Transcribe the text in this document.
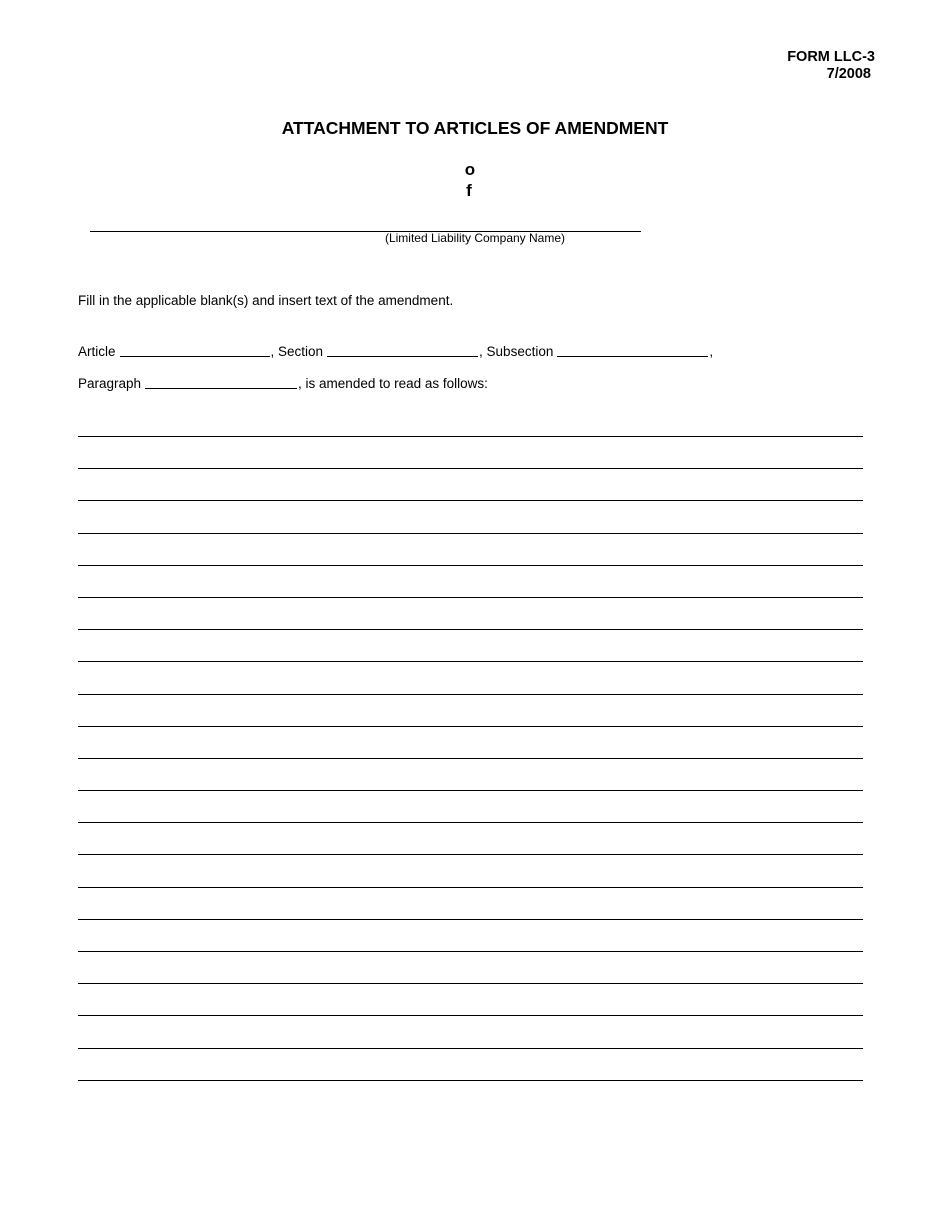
FORM LLC-3
7/2008
ATTACHMENT TO ARTICLES OF AMENDMENT
o
f
(Limited Liability Company Name)
Fill in the applicable blank(s) and insert text of the amendment.
Article	, Section	, Subsection	,
Paragraph	, is amended to read as follows:
